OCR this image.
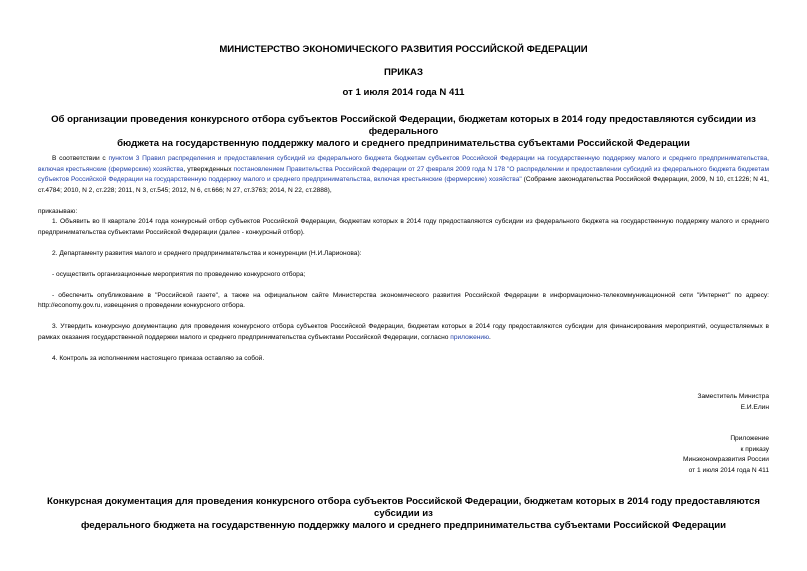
МИНИСТЕРСТВО ЭКОНОМИЧЕСКОГО РАЗВИТИЯ РОССИЙСКОЙ ФЕДЕРАЦИИ
ПРИКАЗ
от 1 июля 2014 года N 411
Об организации проведения конкурсного отбора субъектов Российской Федерации, бюджетам которых в 2014 году предоставляются субсидии из федерального
бюджета на государственную поддержку малого и среднего предпринимательства субъектами Российской Федерации

В соответствии с пунктом 3 Правил распределения и предоставления субсидий из федерального бюджета бюджетам субъектов Российской Федерации на государственную поддержку малого и среднего предпринимательства, включая крестьянские (фермерские) хозяйства, утвержденных постановлением Правительства Российской Федерации от 27 февраля 2009 года N 178 "О распределении и предоставлении субсидий из федерального бюджета бюджетам субъектов Российской Федерации на государственную поддержку малого и среднего предпринимательства, включая крестьянские (фермерские) хозяйства" (Собрание законодательства Российской Федерации, 2009, N 10, ст.1226; N 41, ст.4784; 2010, N 2, ст.228; 2011, N 3, ст.545; 2012, N 6, ст.666; N 27, ст.3763; 2014, N 22, ст.2888),

приказываю:

1. Объявить во II квартале 2014 года конкурсный отбор субъектов Российской Федерации, бюджетам которых в 2014 году предоставляются субсидии из федерального бюджета на государственную поддержку малого и среднего предпринимательства субъектами Российской Федерации (далее - конкурсный отбор).

2. Департаменту развития малого и среднего предпринимательства и конкуренции (Н.И.Ларионова):

- осуществить организационные мероприятия по проведению конкурсного отбора;

- обеспечить опубликование в "Российской газете", а также на официальном сайте Министерства экономического развития Российской Федерации в информационно-телекоммуникационной сети "Интернет" по адресу: http://economy.gov.ru, извещения о проведении конкурсного отбора.

3. Утвердить конкурсную документацию для проведения конкурсного отбора субъектов Российской Федерации, бюджетам которых в 2014 году предоставляются субсидии для финансирования мероприятий, осуществляемых в рамках оказания государственной поддержки малого и среднего предпринимательства субъектами Российской Федерации, согласно приложению.

4. Контроль за исполнением настоящего приказа оставляю за собой.

Заместитель Министра
Е.И.Елин
Приложение
к приказу
Минэкономразвития России
от 1 июля 2014 года N 411
Конкурсная документация для проведения конкурсного отбора субъектов Российской Федерации, бюджетам которых в 2014 году предоставляются субсидии из
федерального бюджета на государственную поддержку малого и среднего предпринимательства субъектами Российской Федерации
